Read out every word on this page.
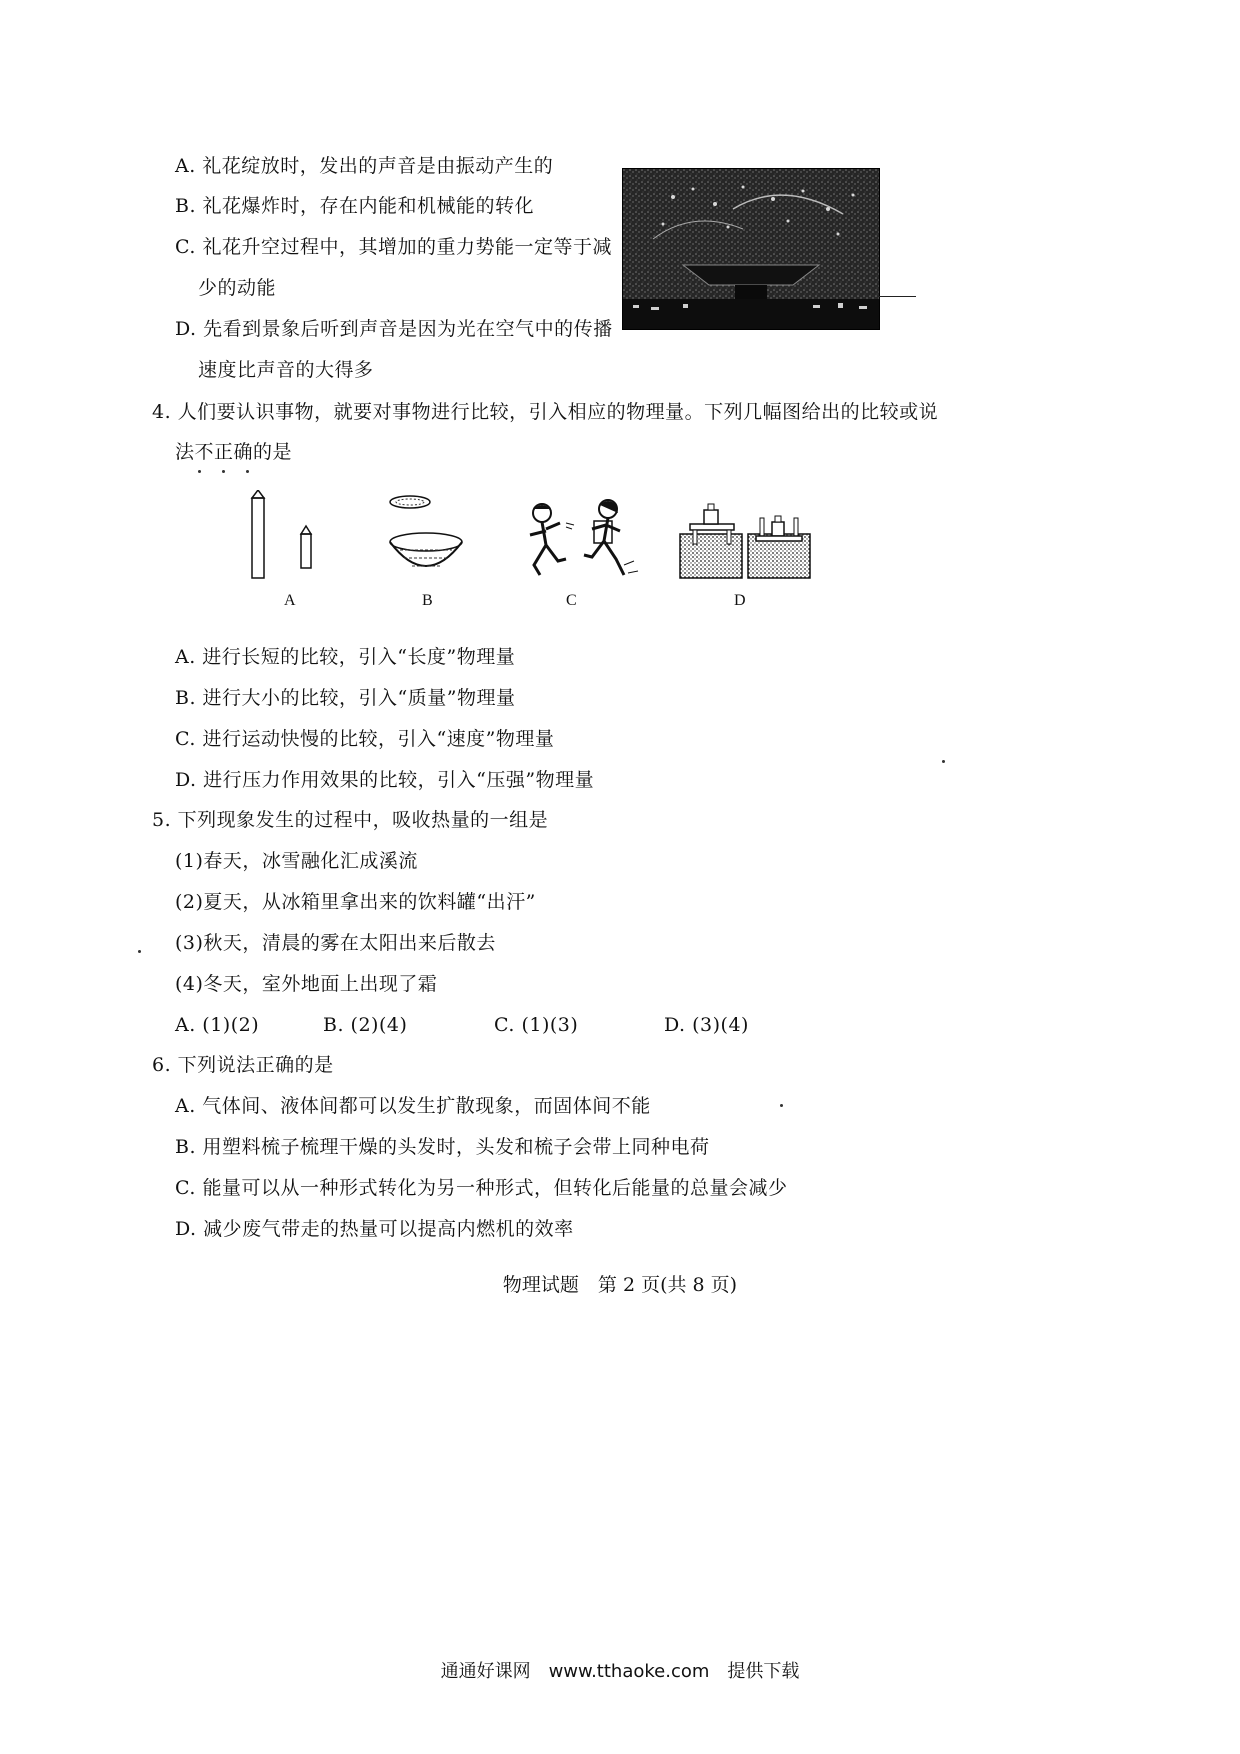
A. 礼花绽放时，发出的声音是由振动产生的
B. 礼花爆炸时，存在内能和机械能的转化
C. 礼花升空过程中，其增加的重力势能一定等于减
少的动能
D. 先看到景象后听到声音是因为光在空气中的传播
速度比声音的大得多
4. 人们要认识事物，就要对事物进行比较，引入相应的物理量。下列几幅图给出的比较或说
法不正确的是
A	B	C	D
A. 进行长短的比较，引入“长度”物理量
B. 进行大小的比较，引入“质量”物理量
C. 进行运动快慢的比较，引入“速度”物理量
D. 进行压力作用效果的比较，引入“压强”物理量
5. 下列现象发生的过程中，吸收热量的一组是
(1)春天，冰雪融化汇成溪流
(2)夏天，从冰箱里拿出来的饮料罐“出汗”
(3)秋天，清晨的雾在太阳出来后散去
(4)冬天，室外地面上出现了霜
A. (1)(2)	B. (2)(4)	C. (1)(3)	D. (3)(4)
6. 下列说法正确的是
A. 气体间、液体间都可以发生扩散现象，而固体间不能
B. 用塑料梳子梳理干燥的头发时，头发和梳子会带上同种电荷
C. 能量可以从一种形式转化为另一种形式，但转化后能量的总量会减少
D. 减少废气带走的热量可以提高内燃机的效率
物理试题　第 2 页(共 8 页)
通通好课网　www.tthaoke.com　提供下载
